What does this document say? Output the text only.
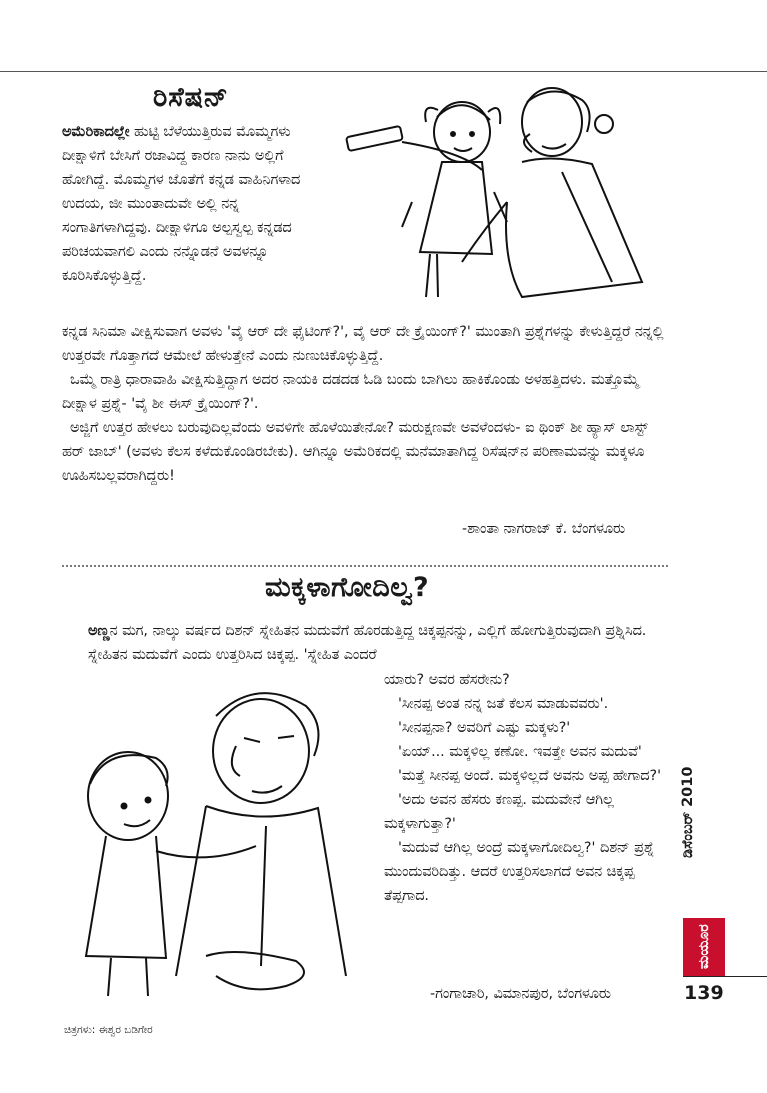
ರಿಸೆಷನ್

ಅಮೆರಿಕಾದಲ್ಲೇ ಹುಟ್ಟಿ ಬೆಳೆಯುತ್ತಿರುವ ಮೊಮ್ಮಗಳು ದೀಕ್ಷಾಳಿಗೆ ಬೇಸಿಗೆ ರಜಾವಿದ್ದ ಕಾರಣ ನಾನು ಅಲ್ಲಿಗೆ ಹೋಗಿದ್ದೆ. ಮೊಮ್ಮಗಳ ಜೊತೆಗೆ ಕನ್ನಡ ವಾಹಿನಿಗಳಾದ ಉದಯ, ಜೀ ಮುಂತಾದುವೇ ಅಲ್ಲಿ ನನ್ನ ಸಂಗಾತಿಗಳಾಗಿದ್ದವು. ದೀಕ್ಷಾಳಿಗೂ ಅಲ್ಪಸ್ವಲ್ಪ ಕನ್ನಡದ ಪರಿಚಯವಾಗಲಿ ಎಂದು ನನ್ನೊಡನೆ ಅವಳನ್ನೂ ಕೂರಿಸಿಕೊಳ್ಳುತ್ತಿದ್ದೆ.

ಕನ್ನಡ ಸಿನಿಮಾ ವೀಕ್ಷಿಸುವಾಗ ಅವಳು 'ವೈ ಆರ್ ದೇ ಫೈಟಿಂಗ್?', ವೈ ಆರ್ ದೇ ಕ್ರೈಯಿಂಗ್?' ಮುಂತಾಗಿ ಪ್ರಶ್ನೆಗಳನ್ನು ಕೇಳುತ್ತಿದ್ದರೆ ನನ್ನಲ್ಲಿ ಉತ್ತರವೇ ಗೊತ್ತಾಗದೆ ಆಮೇಲೆ ಹೇಳುತ್ತೇನೆ ಎಂದು ನುಣುಚಿಕೊಳ್ಳುತ್ತಿದ್ದೆ.

ಒಮ್ಮೆ ರಾತ್ರಿ ಧಾರಾವಾಹಿ ವೀಕ್ಷಿಸುತ್ತಿದ್ದಾಗ ಅದರ ನಾಯಕಿ ದಡದಡ ಓಡಿ ಬಂದು ಬಾಗಿಲು ಹಾಕಿಕೊಂಡು ಅಳಹತ್ತಿದಳು. ಮತ್ತೊಮ್ಮೆ ದೀಕ್ಷಾಳ ಪ್ರಶ್ನೆ- 'ವೈ ಶೀ ಈಸ್ ಕ್ರೈಯಿಂಗ್?'.

ಅಜ್ಜಿಗೆ ಉತ್ತರ ಹೇಳಲು ಬರುವುದಿಲ್ಲವೆಂದು ಅವಳಿಗೇ ಹೊಳೆಯಿತೇನೋ? ಮರುಕ್ಷಣವೇ ಅವಳೆಂದಳು- ಐ ಥಿಂಕ್ ಶೀ ಹ್ಯಾಸ್ ಲಾಸ್ಟ್ ಹರ್ ಜಾಬ್' (ಅವಳು ಕೆಲಸ ಕಳೆದುಕೊಂಡಿರಬೇಕು). ಆಗಿನ್ನೂ ಅಮೆರಿಕದಲ್ಲಿ ಮನೆಮಾತಾಗಿದ್ದ ರಿಸೆಷನ್‌ನ ಪರಿಣಾಮವನ್ನು ಮಕ್ಕಳೂ ಊಹಿಸಬಲ್ಲವರಾಗಿದ್ದರು!

-ಶಾಂತಾ ನಾಗರಾಜ್ ಕೆ. ಬೆಂಗಳೂರು
ಮಕ್ಕಳಾಗೋದಿಲ್ವ?

ಅಣ್ಣನ ಮಗ, ನಾಲ್ಕು ವರ್ಷದ ದಿಶನ್ ಸ್ನೇಹಿತನ ಮದುವೆಗೆ ಹೊರಡುತ್ತಿದ್ದ ಚಿಕ್ಕಪ್ಪನನ್ನು, ಎಲ್ಲಿಗೆ ಹೋಗುತ್ತಿರುವುದಾಗಿ ಪ್ರಶ್ನಿಸಿದ. ಸ್ನೇಹಿತನ ಮದುವೆಗೆ ಎಂದು ಉತ್ತರಿಸಿದ ಚಿಕ್ಕಪ್ಪ. 'ಸ್ನೇಹಿತ ಎಂದರೆ

ಯಾರು? ಅವರ ಹೆಸರೇನು?
'ಸೀನಪ್ಪ ಅಂತ ನನ್ನ ಜತೆ ಕೆಲಸ ಮಾಡುವವರು'.
'ಸೀನಪ್ಪನಾ? ಅವರಿಗೆ ಎಷ್ಟು ಮಕ್ಕಳು?'
'ಏಯ್... ಮಕ್ಕಳಿಲ್ಲ ಕಣೋ. ಇವತ್ತೇ ಅವನ ಮದುವೆ'
'ಮತ್ತೆ ಸೀನಪ್ಪ ಅಂದೆ. ಮಕ್ಕಳಿಲ್ಲದೆ ಅವನು ಅಪ್ಪ ಹೇಗಾದ?'
'ಅದು ಅವನ ಹೆಸರು ಕಣಪ್ಪ. ಮದುವೇನೆ ಆಗಿಲ್ಲ ಮಕ್ಕಳಾಗುತ್ತಾ?'
'ಮದುವೆ ಆಗಿಲ್ಲ ಅಂದ್ರೆ ಮಕ್ಕಳಾಗೋದಿಲ್ವ?' ದಿಶನ್ ಪ್ರಶ್ನೆ ಮುಂದುವರಿದಿತ್ತು. ಆದರೆ ಉತ್ತರಿಸಲಾಗದೆ ಅವನ ಚಿಕ್ಕಪ್ಪ ತೆಪ್ಪಗಾದ.
-ಗಂಗಾಚಾರಿ, ವಿಮಾನಪುರ, ಬೆಂಗಳೂರು
ಚಿತ್ರಗಳು: ಈಶ್ವರ ಬಡಿಗೇರ
ಡಿಸೆಂಬರ್ 2010
ಮಯೂರ
139
